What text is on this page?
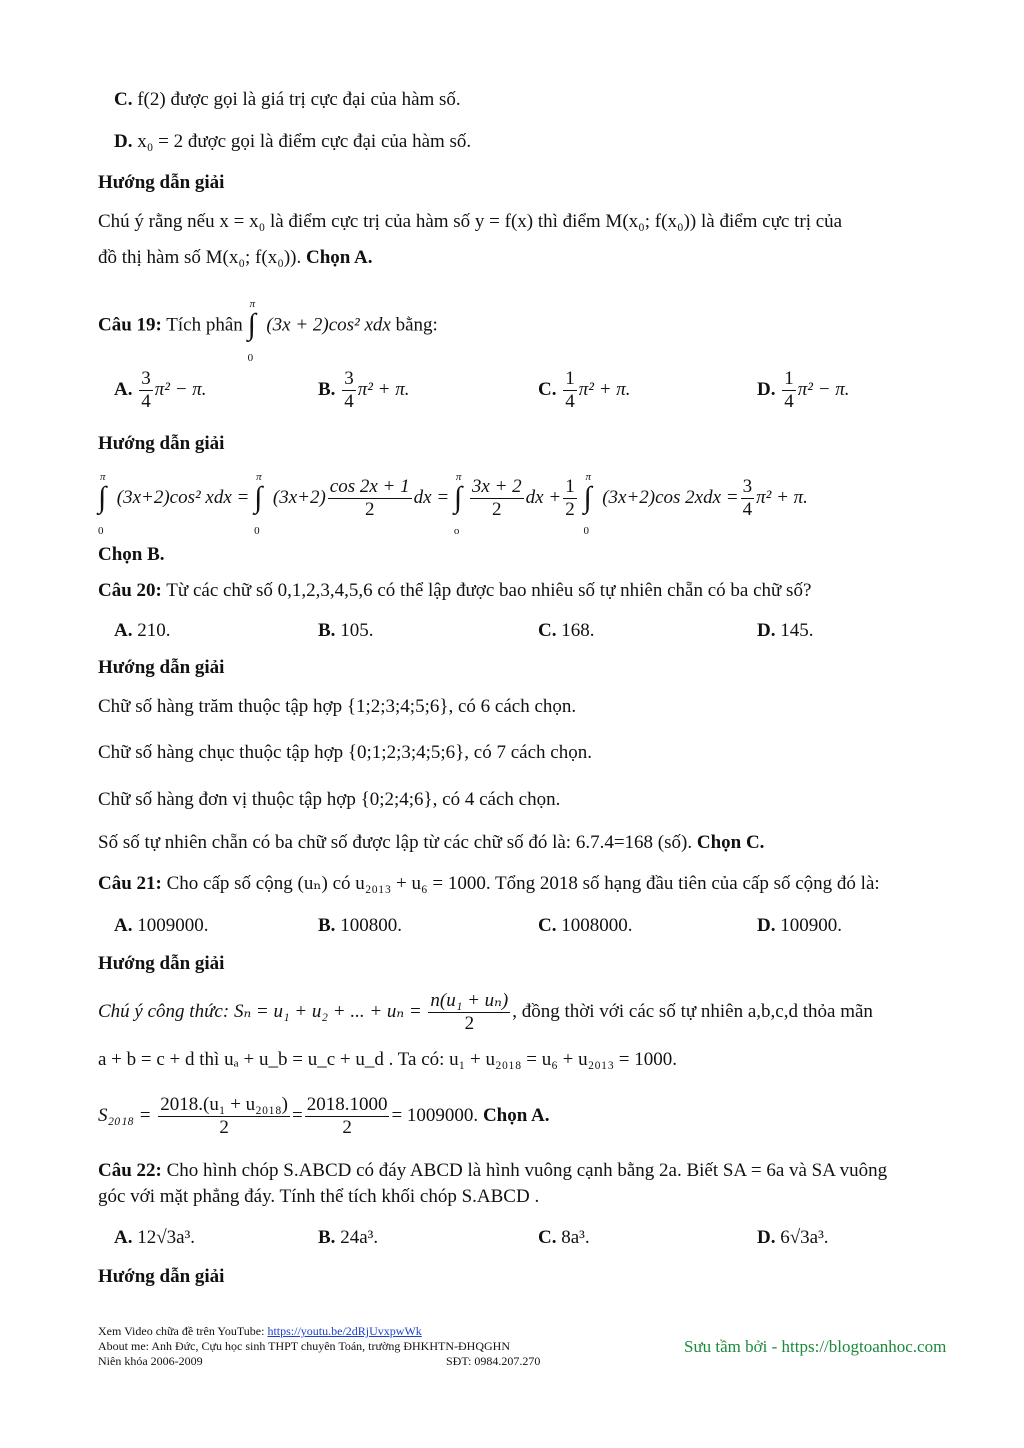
C. f(2) được gọi là giá trị cực đại của hàm số.
D. x₀ = 2 được gọi là điểm cực đại của hàm số.
Hướng dẫn giải
Chú ý rằng nếu x = x₀ là điểm cực trị của hàm số y = f(x) thì điểm M(x₀; f(x₀)) là điểm cực trị của
đồ thị hàm số M(x₀; f(x₀)). Chọn A.
Câu 19: Tích phân ∫
π
0
(3x + 2)cos² xdx bằng:
A. $\frac{3}{4} \pi^2 - \pi$.	B. $\frac{3}{4} \pi^2 + \pi$.	C. $\frac{1}{4} \pi^2 + \pi$.	D. $\frac{1}{4} \pi^2 - \pi$.
Hướng dẫn giải
∫
π
0
(3x+2)cos² xdx = ∫
π
0
$(3x+2) \frac{\cos 2x + 1}{2}$ dx = ∫
π
o
$\frac{3x + 2}{2}$ dx + $\frac{1}{2}$
∫
π
0
(3x+2)cos $2xdx = \frac{3}{4} \pi^2 + \pi$.
Chọn B.
Câu 20: Từ các chữ số 0,1,2,3,4,5,6 có thể lập được bao nhiêu số tự nhiên chẵn có ba chữ số?
A. 210.	B. 105.	C. 168.	D. 145.
Hướng dẫn giải
Chữ số hàng trăm thuộc tập hợp {1;2;3;4;5;6}, có 6 cách chọn.
Chữ số hàng chục thuộc tập hợp {0;1;2;3;4;5;6}, có 7 cách chọn.
Chữ số hàng đơn vị thuộc tập hợp {0;2;4;6}, có 4 cách chọn.
Số số tự nhiên chẵn có ba chữ số được lập từ các chữ số đó là: 6.7.4=168 (số). Chọn C.
Câu 21: Cho cấp số cộng (uₙ) có u₂₀₁₃ + u₆ = 1000. Tổng 2018 số hạng đầu tiên của cấp số cộng đó là:
A. 1009000.	B. 100800.	C. 1008000.	D. 100900.
Hướng dẫn giải
Chú ý công thức: Sₙ = u₁ + u₂ + ... + $u_n = \frac{\text{n(u₁ + uₙ)}}{2}$ , đồng thời với các số tự nhiên a,b,c,d thỏa mãn
a + b = c + d thì uₐ + u_b = u_c + u_d . Ta có: u₁ + u₂₀₁₈ = u₆ + u₂₀₁₃ = 1000.
$S_{2018} = \frac{\text{2018.(u₁ + u₂₀₁₈)}}{2} = \frac{2018.1000}{2} = 1009000$. Chọn A.
Câu 22: Cho hình chóp S.ABCD có đáy ABCD là hình vuông cạnh bằng 2a. Biết SA = 6a và SA vuông
góc với mặt phẳng đáy. Tính thể tích khối chóp S.ABCD .
A. 12√3a³.	B. 24a³.	C. 8a³.	D. 6√3a³.
Hướng dẫn giải
Xem Video chữa đề trên YouTube: https://youtu.be/2dRjUvxpwWk
About me: Anh Đức, Cựu học sinh THPT chuyên Toán, trường ĐHKHTN-ĐHQGHN
Niên khóa 2006-2009	SĐT: 0984.207.270
Sưu tầm bởi - https://blogtoanhoc.com
